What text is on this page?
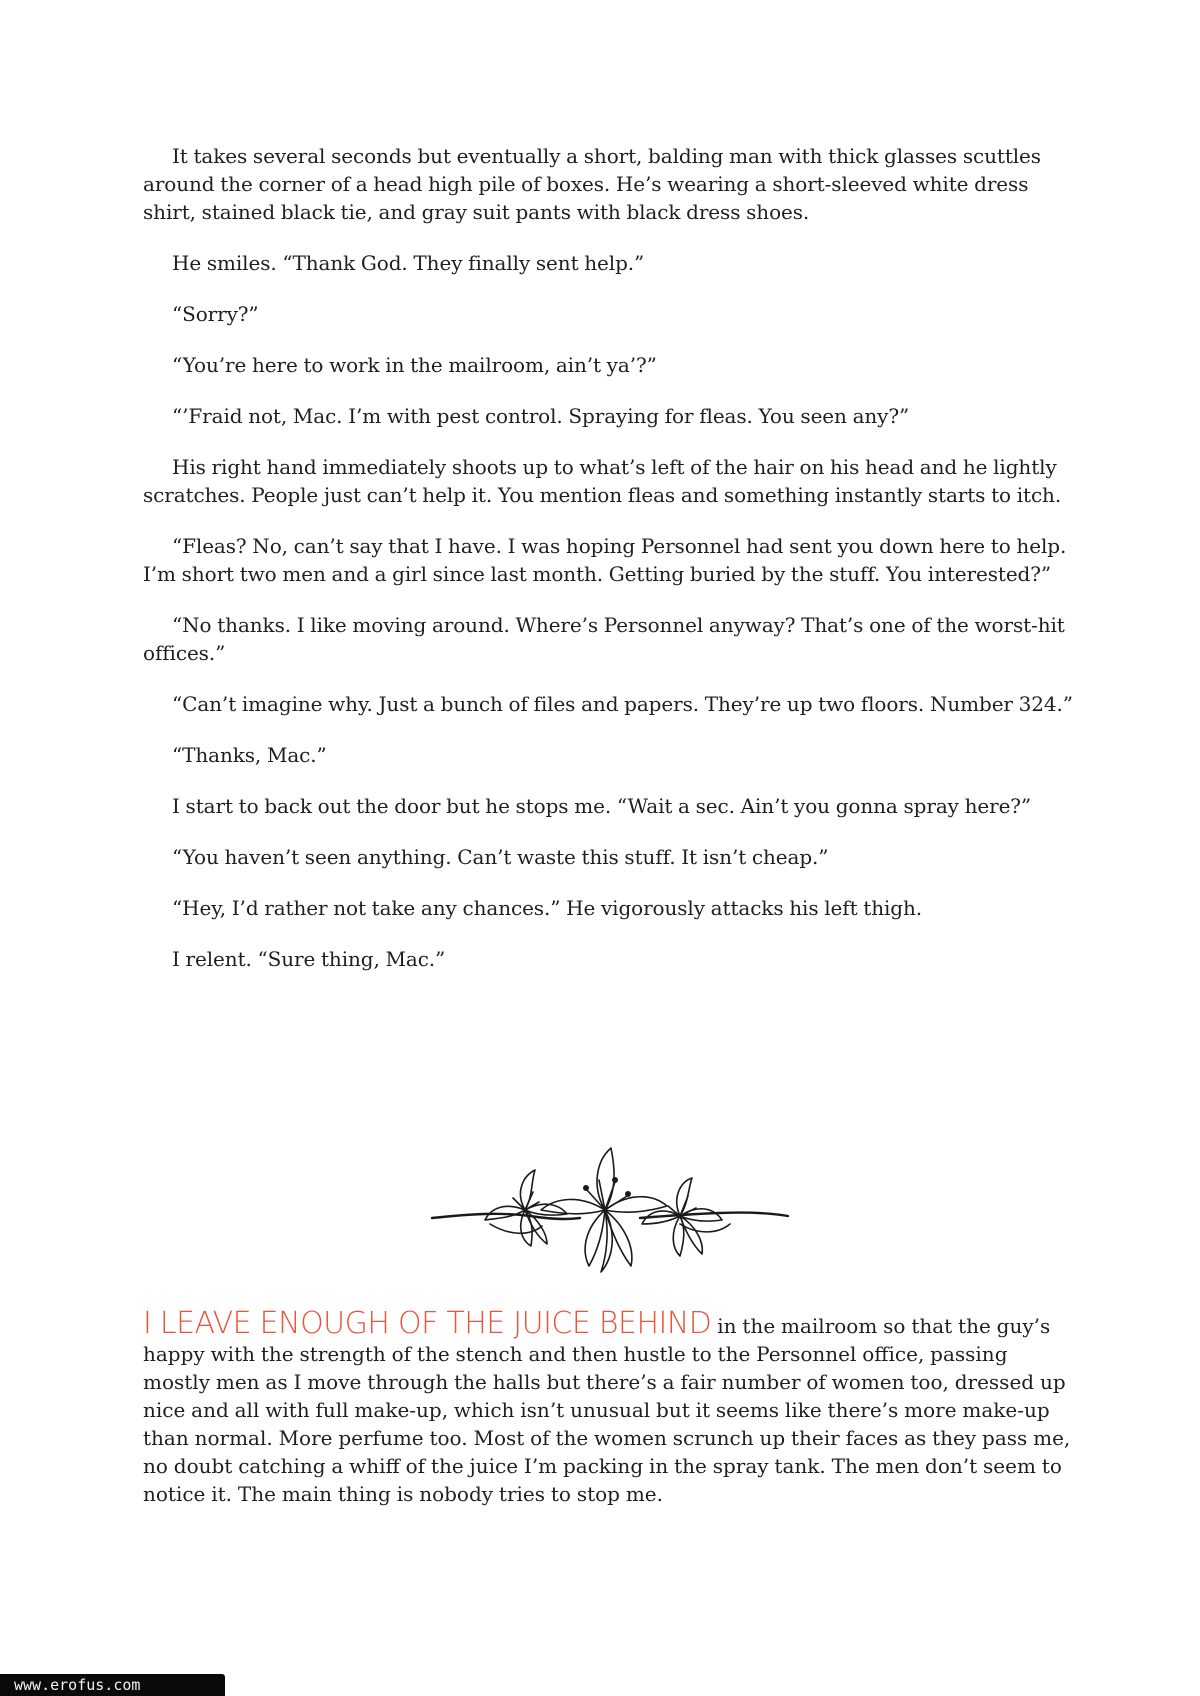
It takes several seconds but eventually a short, balding man with thick glasses scuttles around the corner of a head high pile of boxes. He’s wearing a short-sleeved white dress shirt, stained black tie, and gray suit pants with black dress shoes.

He smiles. “Thank God. They finally sent help.”

“Sorry?”

“You’re here to work in the mailroom, ain’t ya’?”

“’Fraid not, Mac. I’m with pest control. Spraying for fleas. You seen any?”

His right hand immediately shoots up to what’s left of the hair on his head and he lightly scratches. People just can’t help it. You mention fleas and something instantly starts to itch.

“Fleas? No, can’t say that I have. I was hoping Personnel had sent you down here to help. I’m short two men and a girl since last month. Getting buried by the stuff. You interested?”

“No thanks. I like moving around. Where’s Personnel anyway? That’s one of the worst-hit offices.”

“Can’t imagine why. Just a bunch of files and papers. They’re up two floors. Number 324.”

“Thanks, Mac.”

I start to back out the door but he stops me. “Wait a sec. Ain’t you gonna spray here?”

“You haven’t seen anything. Can’t waste this stuff. It isn’t cheap.”

“Hey, I’d rather not take any chances.” He vigorously attacks his left thigh.

I relent. “Sure thing, Mac.”

I LEAVE ENOUGH OF THE JUICE BEHIND in the mailroom so that the guy’s happy with the strength of the stench and then hustle to the Personnel office, passing mostly men as I move through the halls but there’s a fair number of women too, dressed up nice and all with full make-up, which isn’t unusual but it seems like there’s more make-up than normal. More perfume too. Most of the women scrunch up their faces as they pass me, no doubt catching a whiff of the juice I’m packing in the spray tank. The men don’t seem to notice it. The main thing is nobody tries to stop me.

www.erofus.com
